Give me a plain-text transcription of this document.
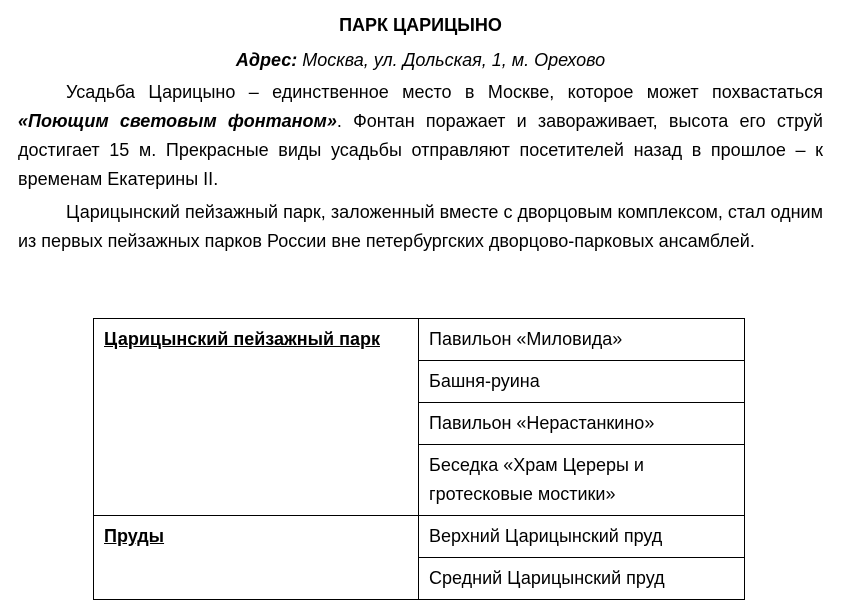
ПАРК ЦАРИЦЫНО
Адрес: Москва, ул. Дольская, 1, м. Орехово

Усадьба Царицыно – единственное место в Москве, которое может похвастаться «Поющим световым фонтаном». Фонтан поражает и завораживает, высота его струй достигает 15 м. Прекрасные виды усадьбы отправляют посетителей назад в прошлое – к временам Екатерины II.

Царицынский пейзажный парк, заложенный вместе с дворцовым комплексом, стал одним из первых пейзажных парков России вне петербургских дворцово-парковых ансамблей.

Царицынский пейзажный парк	Павильон «Миловида»
	Башня-руина
	Павильон «Нерастанкино»
	Беседка «Храм Цереры и гротесковые мостики»
Пруды	Верхний Царицынский пруд
	Средний Царицынский пруд
